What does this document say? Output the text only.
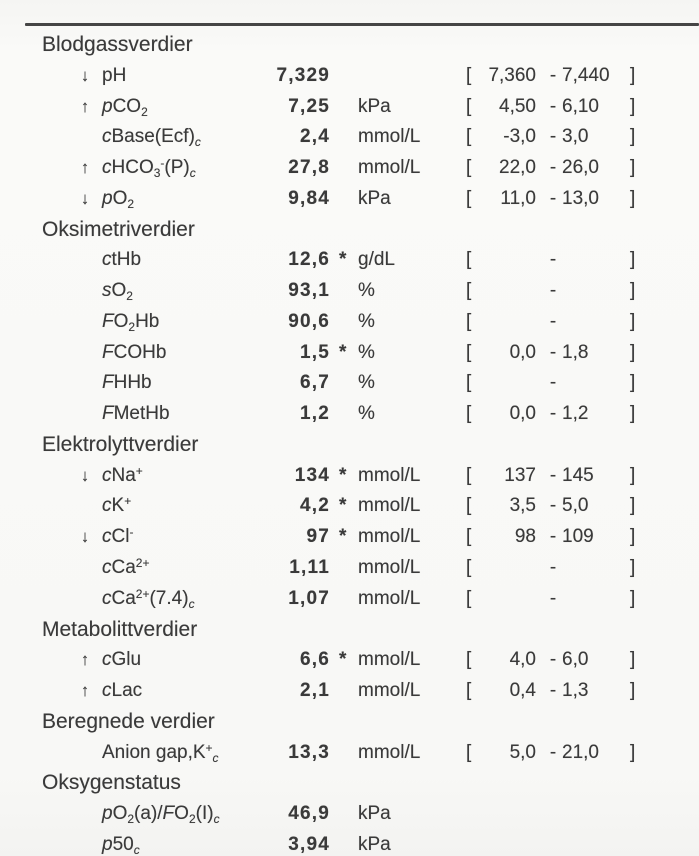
Blodgassverdier
↓ pH	7,329	[ 7,360 - 7,440 ]
↑ pCO$_2$	7,25 kPa	[	4,50 - 6,10 ]
$cBase(Ecf)_c$	2,4 mmol/L [	-3,0 - 3,0 ]
↑ $cHCO_3^-(P)_c$	27,8 mmol/L [	22,0 - 26,0 ]
↓ $pO_2$	9,84 kPa	[	11,0 - 13,0 ]
Oksimetriverdier
ctHb	12,6 * g/dL	[	-	]
$sO_2$	93,1 %	[	-	]
$FO_2Hb$	90,6 %	[	-	]
FCOHb	1,5 * %	[	0,0 - 1,8 ]
FHHb	6,7 %	[	-	]
FMetHb	1,2 %	[	0,0 - 1,2 ]
Elektrolyttverdier
↓ cNa+	134 * mmol/L [	137 - 145 ]
cK+	4,2 * mmol/L [	3,5 - 5,0 ]
↓ cCl-	97 * mmol/L [	98 - 109 ]
cCa$^{2+}$	1,11 mmol/L [	-	]
$cCa^{2+}(7.4)_c$	1,07 mmol/L [	-	]
Metabolittverdier
↑ cGlu	6,6 * mmol/L [	4,0 - 6,0 ]
↑ cLac	2,1 mmol/L [	0,4 - 1,3 ]
Beregnede verdier
Anion $gap,K^+_c$	13,3 mmol/L [	5,0 - 21,0 ]
Oksygenstatus
$pO_2(a)/FO_2(I)_c$	46,9 kPa
$p50_c$	3,94 kPa
